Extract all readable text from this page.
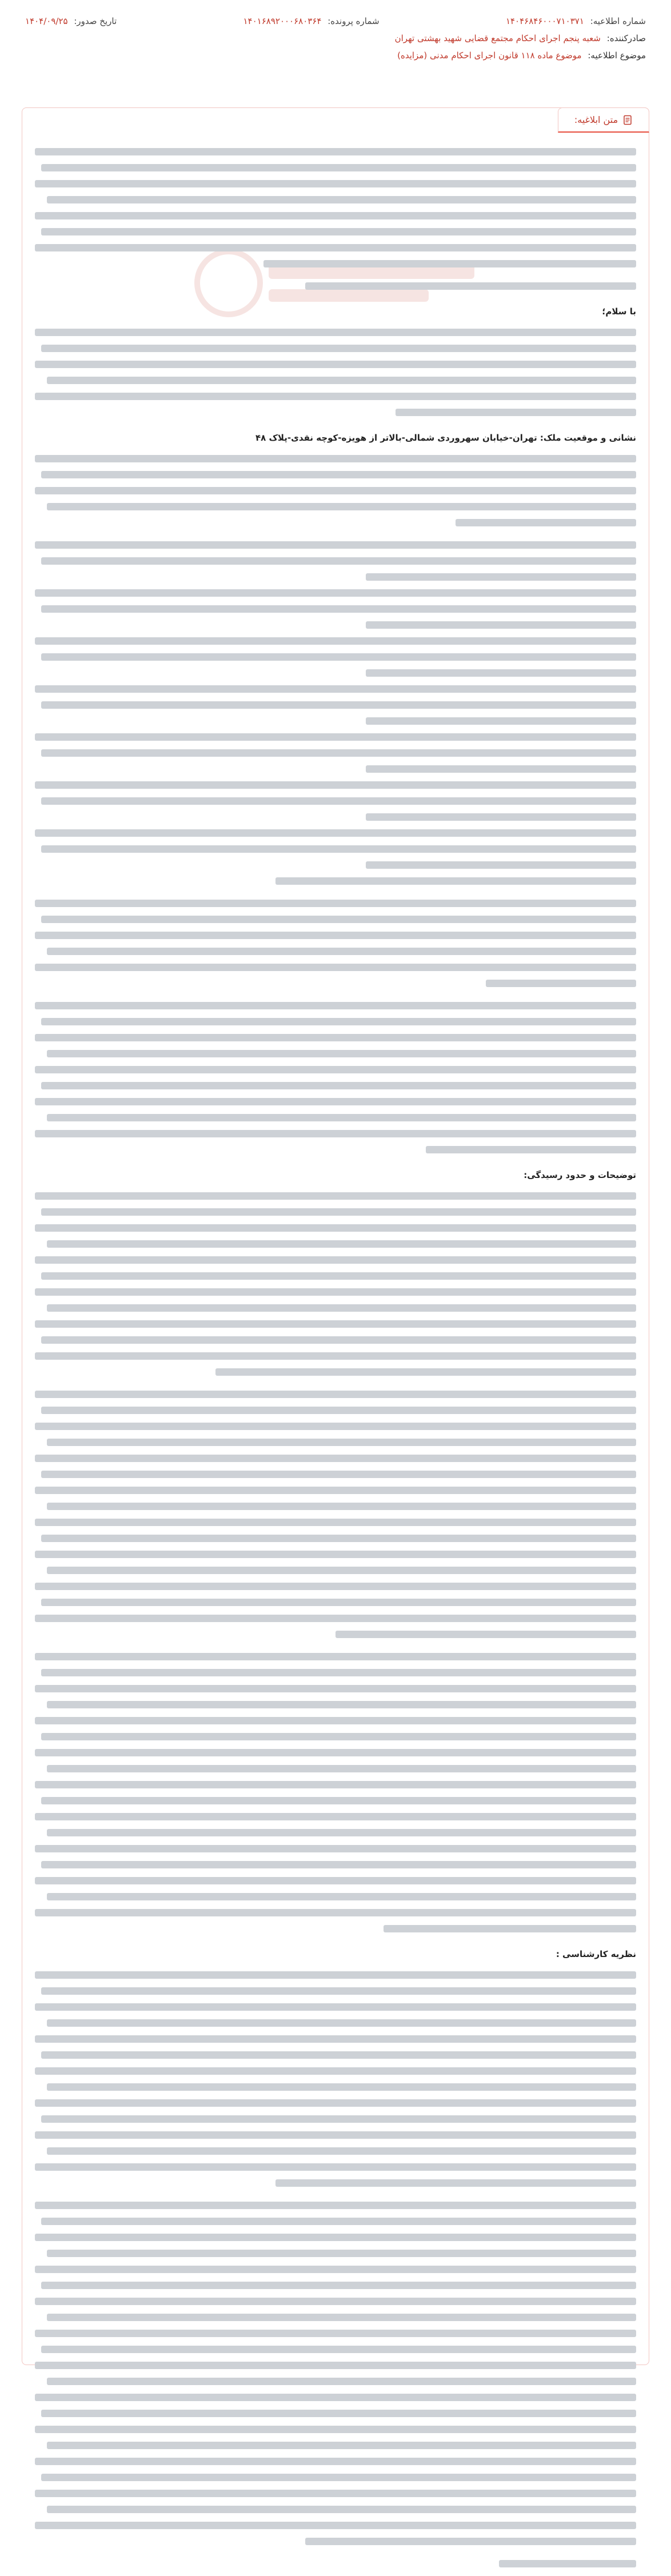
شماره اطلاعیه: ۱۴۰۴۶۸۴۶۰۰۰۷۱۰۳۷۱
شماره پرونده: ۱۴۰۱۶۸۹۲۰۰۰۶۸۰۳۶۴
تاریخ صدور: ۱۴۰۴/۰۹/۲۵
صادرکننده: شعبه پنجم اجرای احکام مجتمع قضایی شهید بهشتی تهران
موضوع اطلاعیه: موضوع ماده ۱۱۸ قانون اجرای احکام مدنی (مزایده)
متن ابلاغیه:
با سلام؛
نشانی و موقعیت ملک: تهران-خیابان سهروردی شمالی-بالاتر از هویزه-کوچه نقدی-پلاک ۴۸
توضیحات و حدود رسیدگی:
نظریه کارشناسی :
